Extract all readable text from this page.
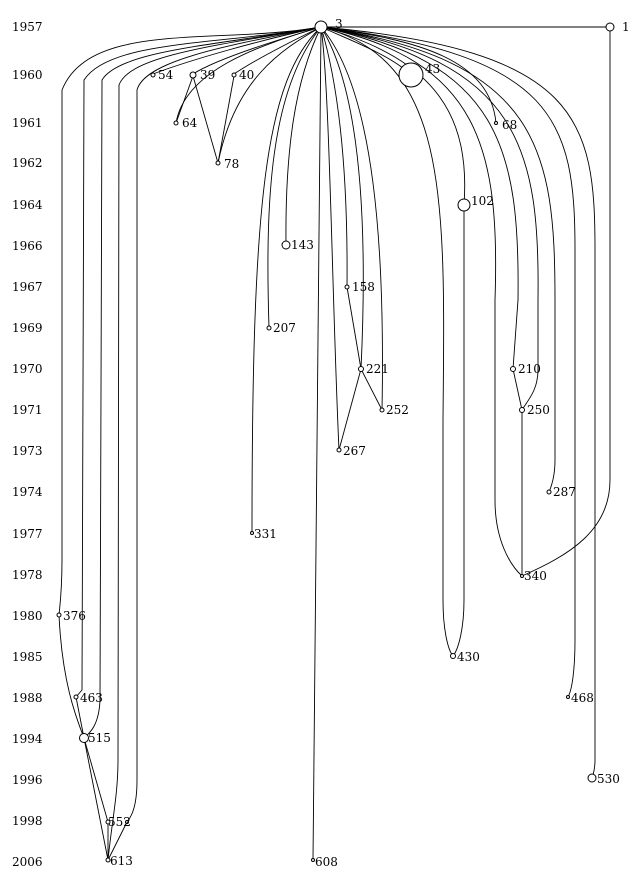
1957
1960
1961
1962
1964
1966
1967
1969
1970
1971
1973
1974
1977
1978
1980
1985
1988
1994
1996
1998
2006
3	1
54 39 40	43
64	68
78
102
143
158
207
221	210
252	250
267
287
331
340
376
430
463	468
515
530
552
613	608
